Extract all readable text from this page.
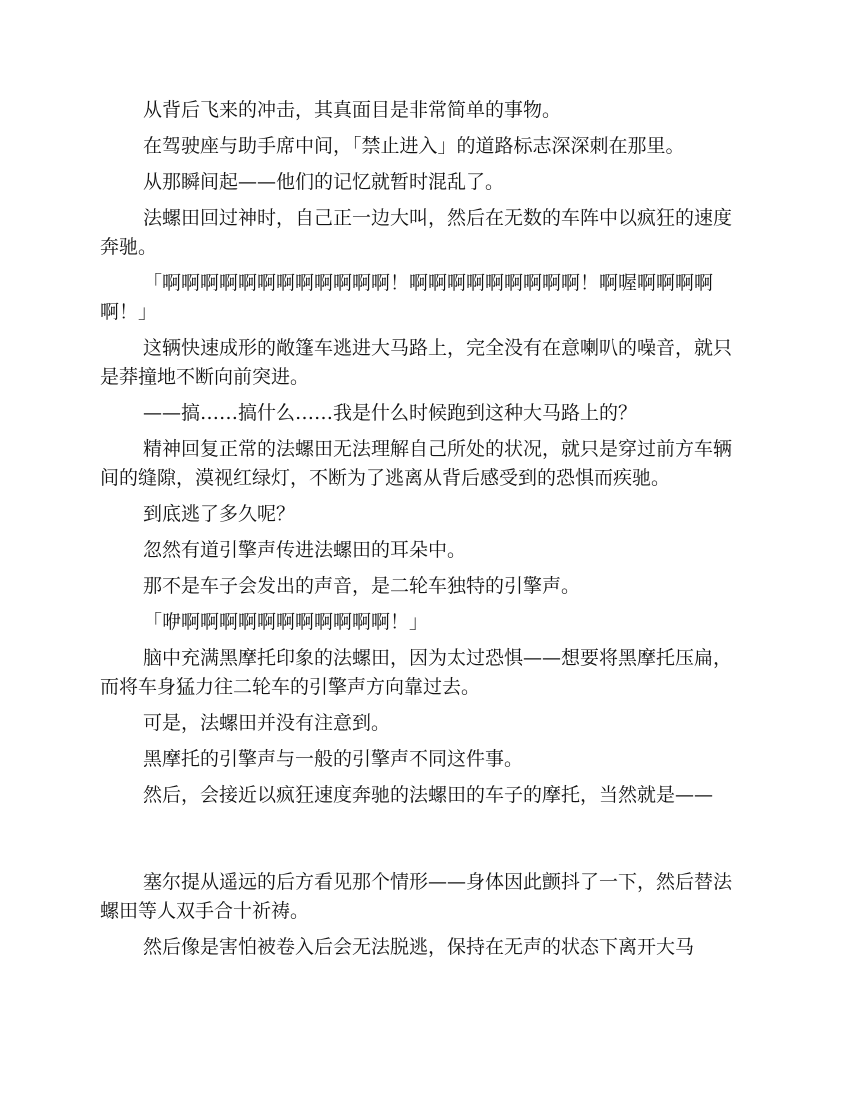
从背后飞来的冲击，其真面目是非常简单的事物。

在驾驶座与助手席中间，「禁止进入」的道路标志深深刺在那里。

从那瞬间起——他们的记忆就暂时混乱了。

法螺田回过神时，自己正一边大叫，然后在无数的车阵中以疯狂的速度奔驰。

「啊啊啊啊啊啊啊啊啊啊啊啊！啊啊啊啊啊啊啊啊啊！啊喔啊啊啊啊啊！」

这辆快速成形的敞篷车逃进大马路上，完全没有在意喇叭的噪音，就只是莽撞地不断向前突进。

——搞……搞什么……我是什么时候跑到这种大马路上的？

精神回复正常的法螺田无法理解自己所处的状况，就只是穿过前方车辆间的缝隙，漠视红绿灯，不断为了逃离从背后感受到的恐惧而疾驰。

到底逃了多久呢？

忽然有道引擎声传进法螺田的耳朵中。

那不是车子会发出的声音，是二轮车独特的引擎声。

「咿啊啊啊啊啊啊啊啊啊啊啊！」

脑中充满黑摩托印象的法螺田，因为太过恐惧——想要将黑摩托压扁，而将车身猛力往二轮车的引擎声方向靠过去。

可是，法螺田并没有注意到。

黑摩托的引擎声与一般的引擎声不同这件事。

然后，会接近以疯狂速度奔驰的法螺田的车子的摩托，当然就是——

塞尔提从遥远的后方看见那个情形——身体因此颤抖了一下，然后替法螺田等人双手合十祈祷。

然后像是害怕被卷入后会无法脱逃，保持在无声的状态下离开大马
